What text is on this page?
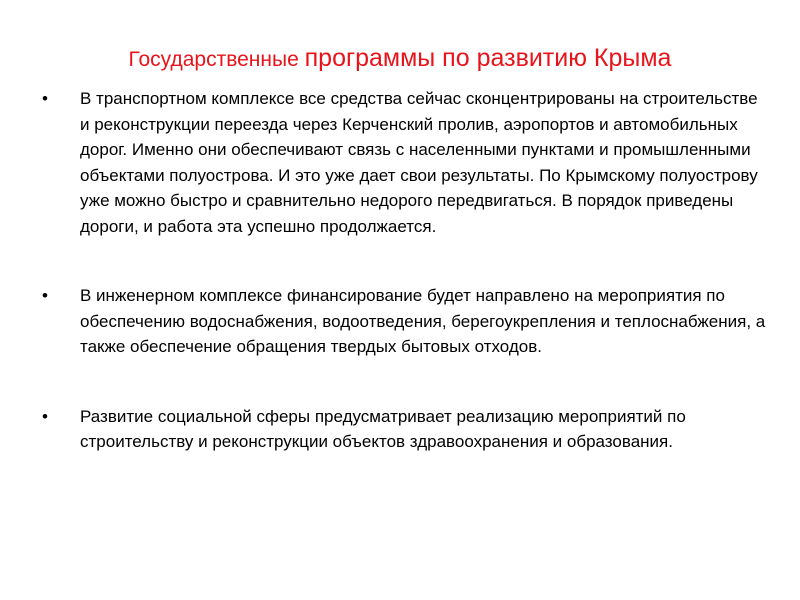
Государственные программы по развитию Крыма
•	В транспортном комплексе все средства сейчас сконцентрированы на строительстве и реконструкции переезда через Керченский пролив, аэропортов и автомобильных дорог. Именно они обеспечивают связь с населенными пунктами и промышленными объектами полуострова. И это уже дает свои результаты. По Крымскому полуострову уже можно быстро и сравнительно недорого передвигаться. В порядок приведены дороги, и работа эта успешно продолжается.
•	В инженерном комплексе финансирование будет направлено на мероприятия по обеспечению водоснабжения, водоотведения, берегоукрепления и теплоснабжения, а также обеспечение обращения твердых бытовых отходов.
•	Развитие социальной сферы предусматривает реализацию мероприятий по строительству и реконструкции объектов здравоохранения и образования.
